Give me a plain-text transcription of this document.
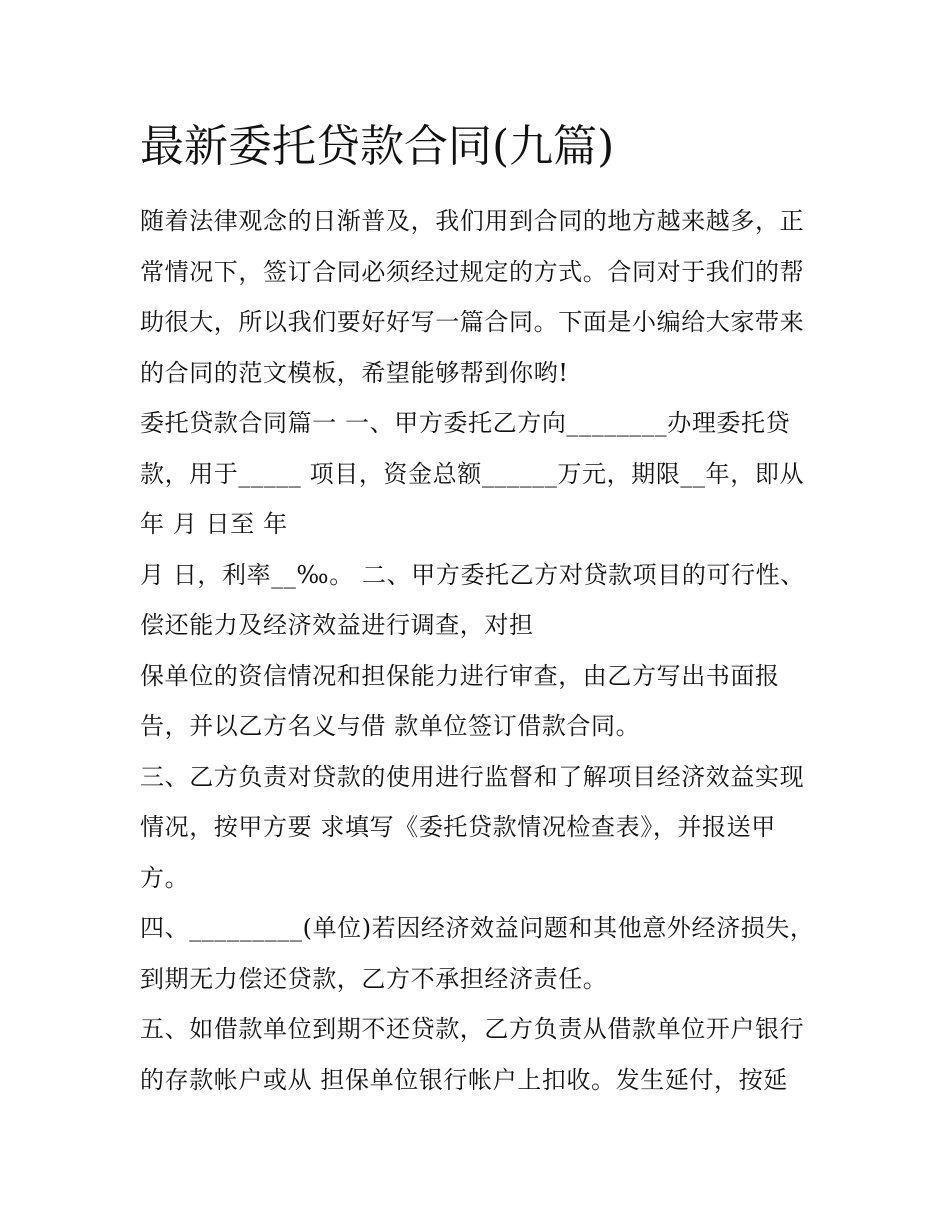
最新委托贷款合同(九篇)
随着法律观念的日渐普及，我们用到合同的地方越来越多，正
常情况下，签订合同必须经过规定的方式。合同对于我们的帮
助很大，所以我们要好好写一篇合同。下面是小编给大家带来
的合同的范文模板，希望能够帮到你哟!
委托贷款合同篇一 一、甲方委托乙方向________办理委托贷
款，用于_____ 项目，资金总额______万元，期限__年，即从
年 月 日至 年
月 日，利率__‰。 二、甲方委托乙方对贷款项目的可行性、
偿还能力及经济效益进行调查，对担
保单位的资信情况和担保能力进行审查，由乙方写出书面报
告，并以乙方名义与借 款单位签订借款合同。
三、乙方负责对贷款的使用进行监督和了解项目经济效益实现
情况，按甲方要 求填写《委托贷款情况检查表》，并报送甲
方。
四、_________(单位)若因经济效益问题和其他意外经济损失，
到期无力偿还贷款，乙方不承担经济责任。
五、如借款单位到期不还贷款，乙方负责从借款单位开户银行
的存款帐户或从 担保单位银行帐户上扣收。发生延付，按延
